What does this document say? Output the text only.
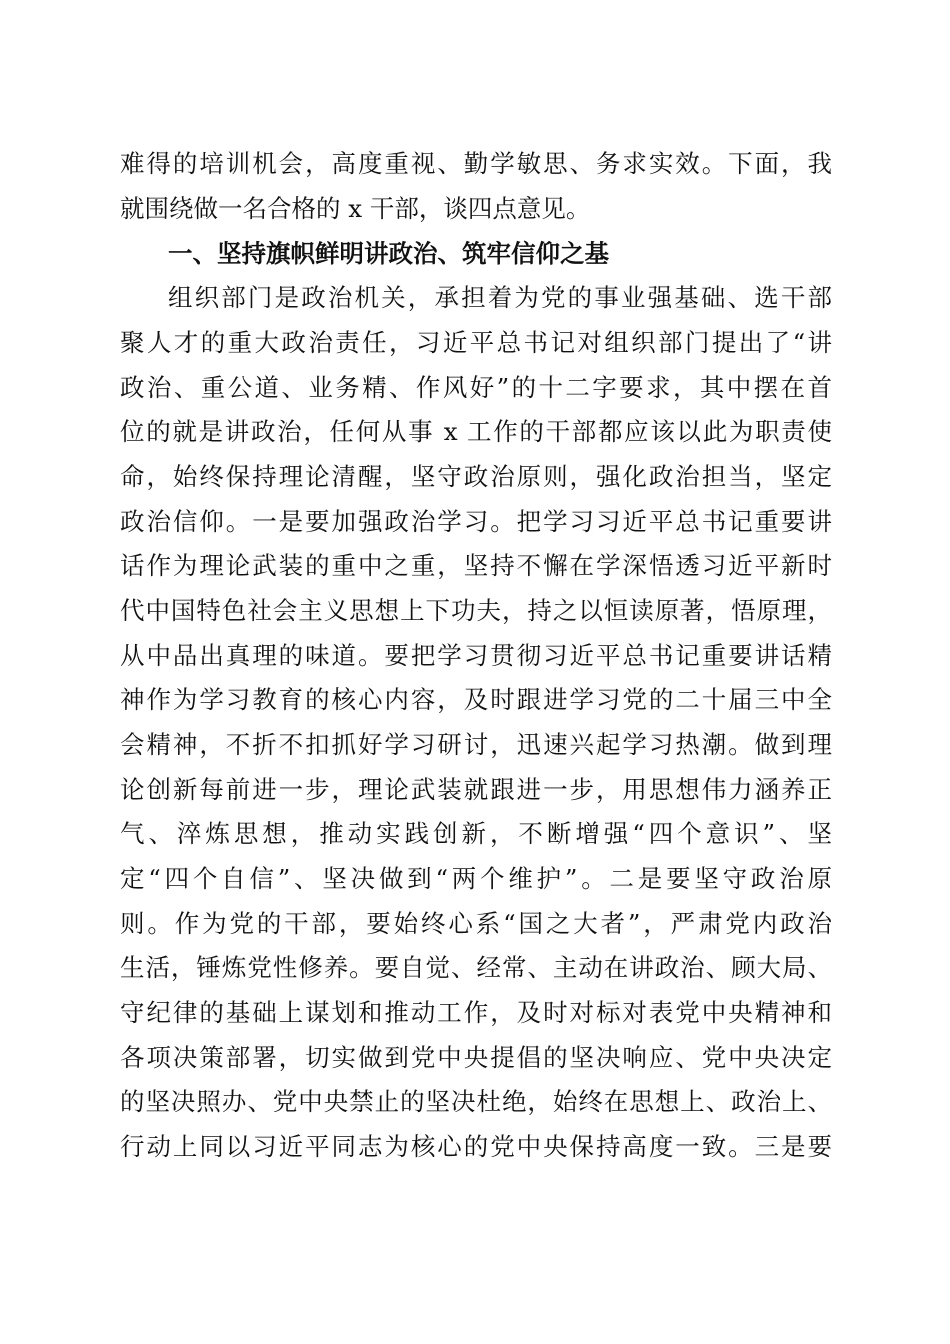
难得的培训机会，高度重视、勤学敏思、务求实效。下面，我
就围绕做一名合格的 x 干部，谈四点意见。
一、坚持旗帜鲜明讲政治、筑牢信仰之基
组织部门是政治机关，承担着为党的事业强基础、选干部
聚人才的重大政治责任，习近平总书记对组织部门提出了“讲
政治、重公道、业务精、作风好”的十二字要求，其中摆在首
位的就是讲政治，任何从事 x 工作的干部都应该以此为职责使
命，始终保持理论清醒，坚守政治原则，强化政治担当，坚定
政治信仰。一是要加强政治学习。把学习习近平总书记重要讲
话作为理论武装的重中之重，坚持不懈在学深悟透习近平新时
代中国特色社会主义思想上下功夫，持之以恒读原著，悟原理，
从中品出真理的味道。要把学习贯彻习近平总书记重要讲话精
神作为学习教育的核心内容，及时跟进学习党的二十届三中全
会精神，不折不扣抓好学习研讨，迅速兴起学习热潮。做到理
论创新每前进一步，理论武装就跟进一步，用思想伟力涵养正
气、淬炼思想，推动实践创新，不断增强“四个意识”、坚
定“四个自信”、坚决做到“两个维护”。二是要坚守政治原
则。作为党的干部，要始终心系“国之大者”，严肃党内政治
生活，锤炼党性修养。要自觉、经常、主动在讲政治、顾大局、
守纪律的基础上谋划和推动工作，及时对标对表党中央精神和
各项决策部署，切实做到党中央提倡的坚决响应、党中央决定
的坚决照办、党中央禁止的坚决杜绝，始终在思想上、政治上、
行动上同以习近平同志为核心的党中央保持高度一致。三是要
